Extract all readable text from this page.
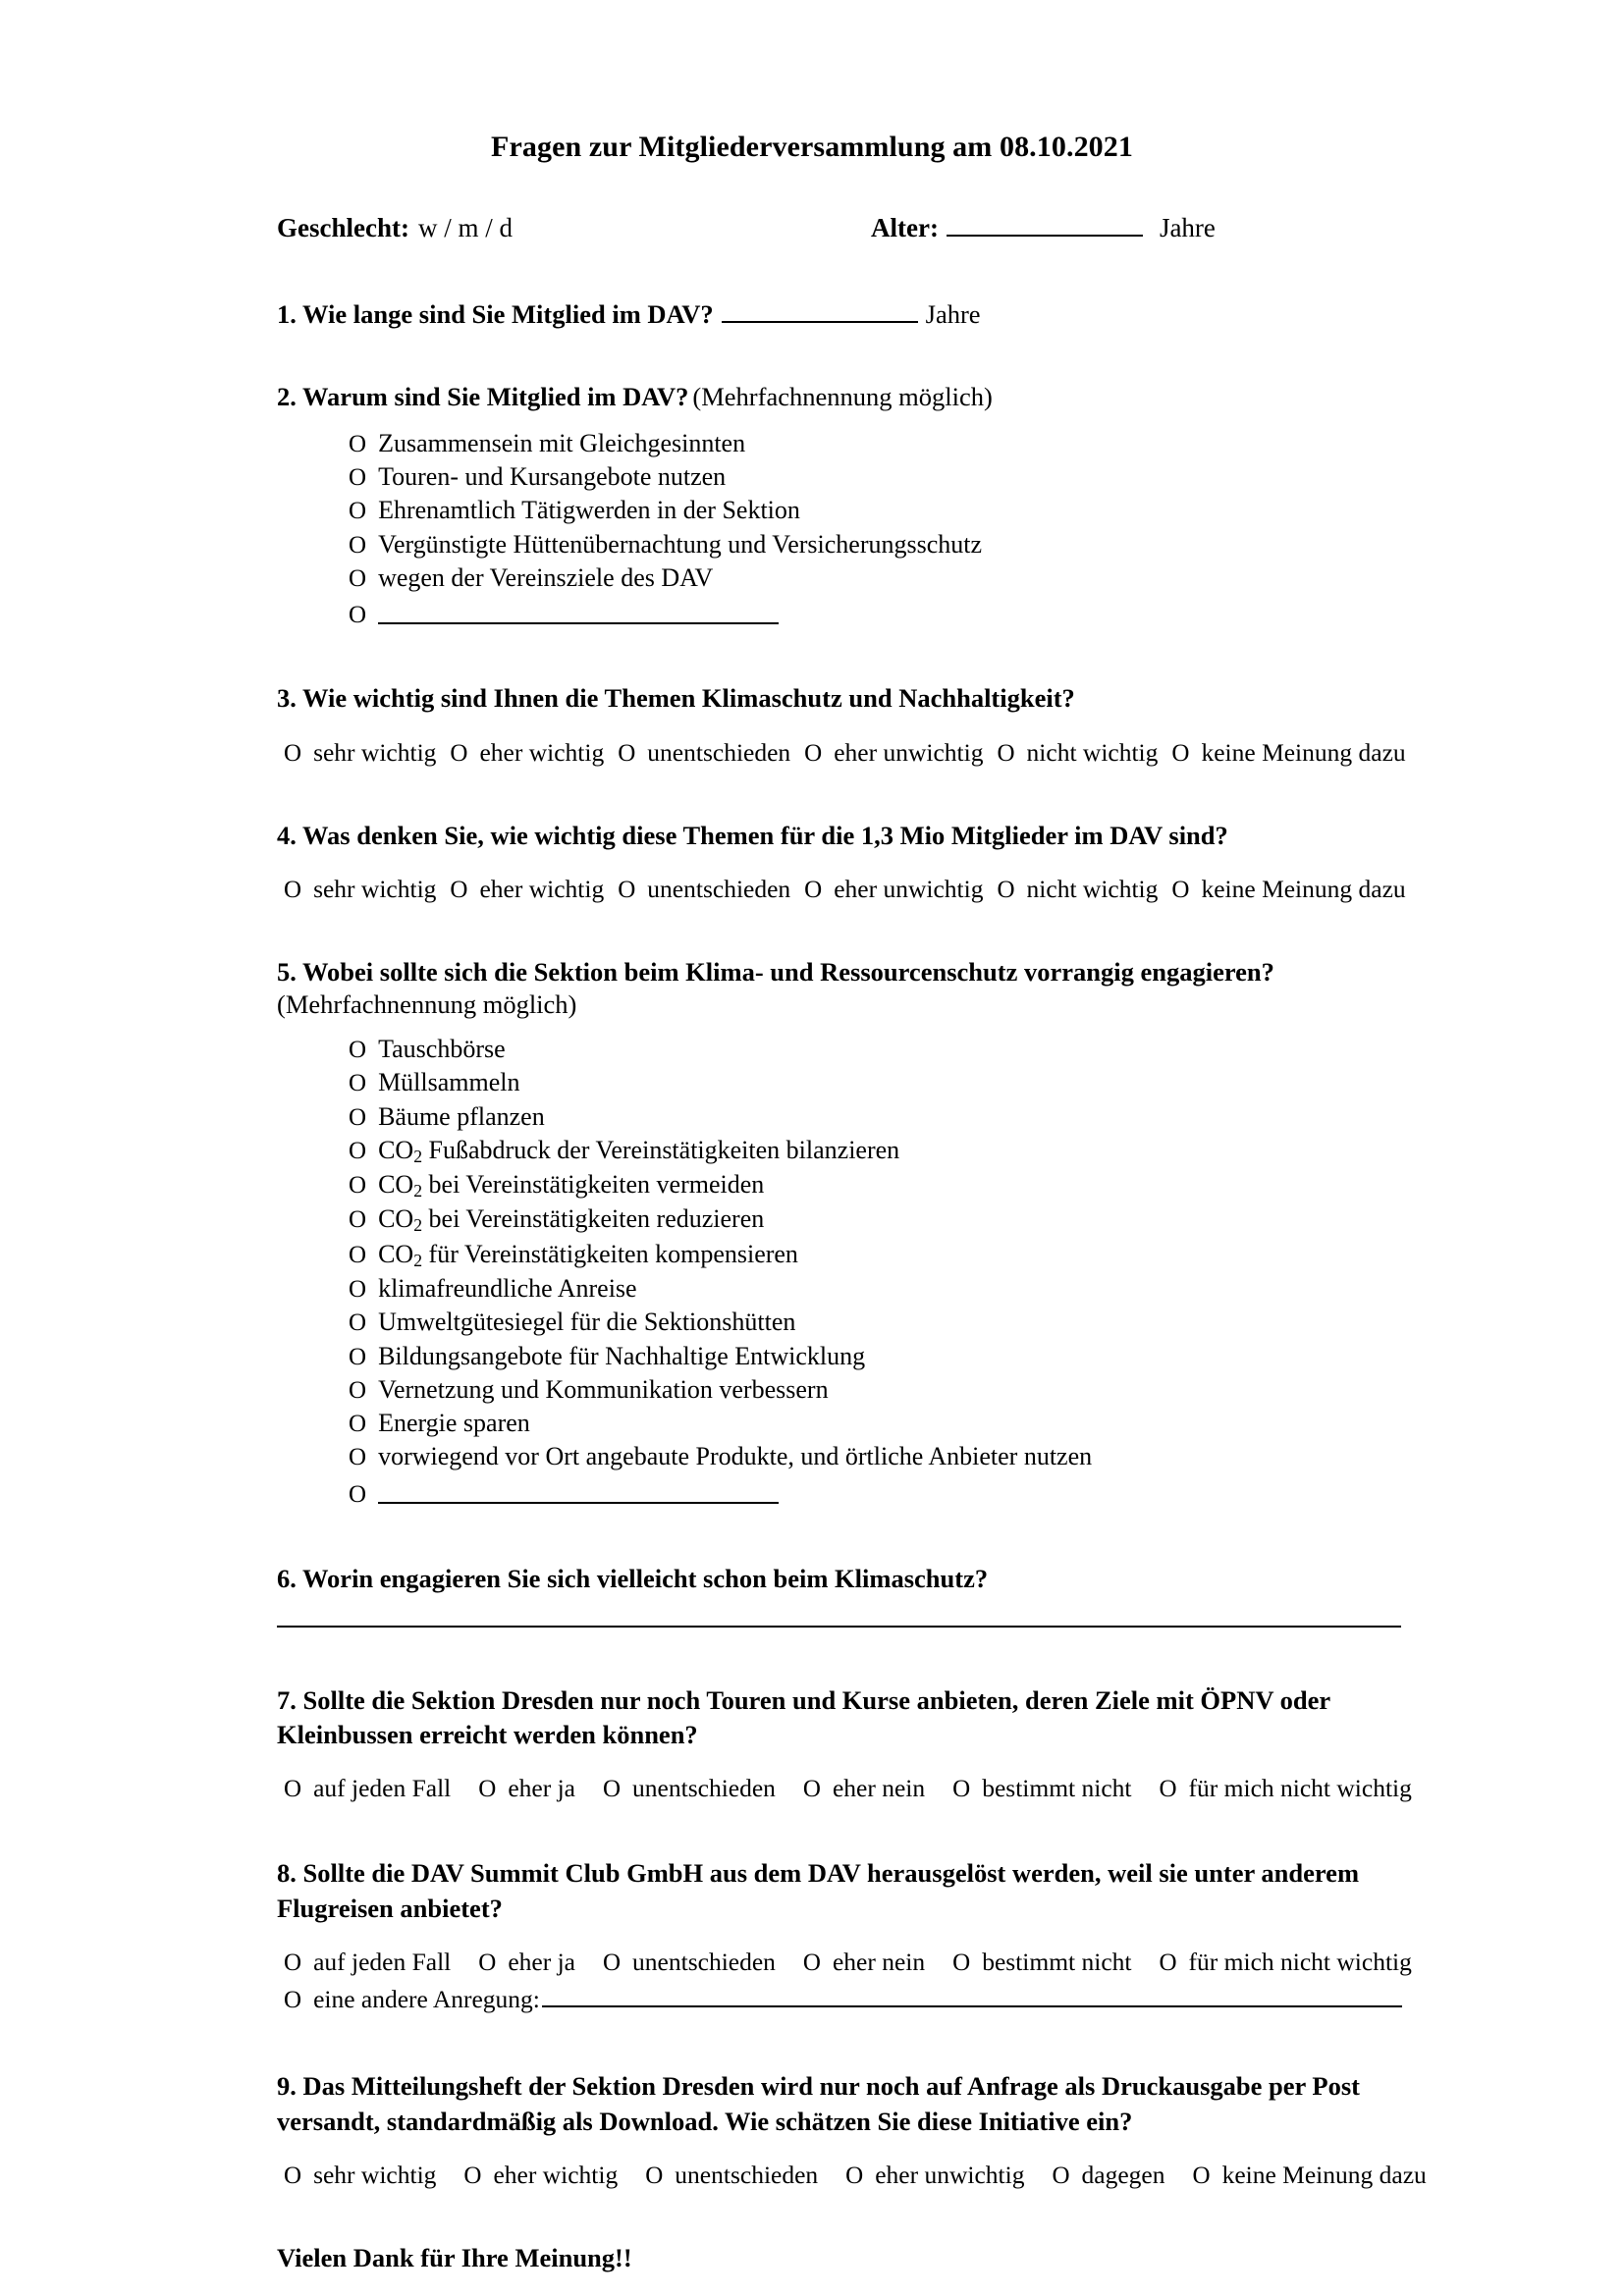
Fragen zur Mitgliederversammlung am 08.10.2021
Geschlecht: w / m / d	Alter:	Jahre
1. Wie lange sind Sie Mitglied im DAV?	Jahre
2. Warum sind Sie Mitglied im DAV? (Mehrfachnennung möglich)
O Zusammensein mit Gleichgesinnten
O Touren- und Kursangebote nutzen
O Ehrenamtlich Tätigwerden in der Sektion
O Vergünstigte Hüttenübernachtung und Versicherungsschutz
O wegen der Vereinsziele des DAV
O
3. Wie wichtig sind Ihnen die Themen Klimaschutz und Nachhaltigkeit?
O sehr wichtig O eher wichtig O unentschieden O eher unwichtig O nicht wichtig O keine Meinung dazu
4. Was denken Sie, wie wichtig diese Themen für die 1,3 Mio Mitglieder im DAV sind?
O sehr wichtig O eher wichtig O unentschieden O eher unwichtig O nicht wichtig O keine Meinung dazu
5. Wobei sollte sich die Sektion beim Klima- und Ressourcenschutz vorrangig engagieren?
(Mehrfachnennung möglich)
O Tauschbörse
O Müllsammeln
O Bäume pflanzen
O $CO_2$ Fußabdruck der Vereinstätigkeiten bilanzieren
O $CO_2$ bei Vereinstätigkeiten vermeiden
O $CO_2$ bei Vereinstätigkeiten reduzieren
O $CO_2$ für Vereinstätigkeiten kompensieren
O klimafreundliche Anreise
O Umweltgütesiegel für die Sektionshütten
O Bildungsangebote für Nachhaltige Entwicklung
O Vernetzung und Kommunikation verbessern
O Energie sparen
O vorwiegend vor Ort angebaute Produkte, und örtliche Anbieter nutzen
O
6. Worin engagieren Sie sich vielleicht schon beim Klimaschutz?
7. Sollte die Sektion Dresden nur noch Touren und Kurse anbieten, deren Ziele mit ÖPNV oder Kleinbussen erreicht werden können?
O auf jeden Fall O eher ja O unentschieden O eher nein O bestimmt nicht O für mich nicht wichtig
8. Sollte die DAV Summit Club GmbH aus dem DAV herausgelöst werden, weil sie unter anderem Flugreisen anbietet?
O auf jeden Fall O eher ja O unentschieden O eher nein O bestimmt nicht O für mich nicht wichtig
O eine andere Anregung:
9. Das Mitteilungsheft der Sektion Dresden wird nur noch auf Anfrage als Druckausgabe per Post versandt, standardmäßig als Download. Wie schätzen Sie diese Initiative ein?
O sehr wichtig O eher wichtig O unentschieden O eher unwichtig O dagegen O keine Meinung dazu
Vielen Dank für Ihre Meinung!!
